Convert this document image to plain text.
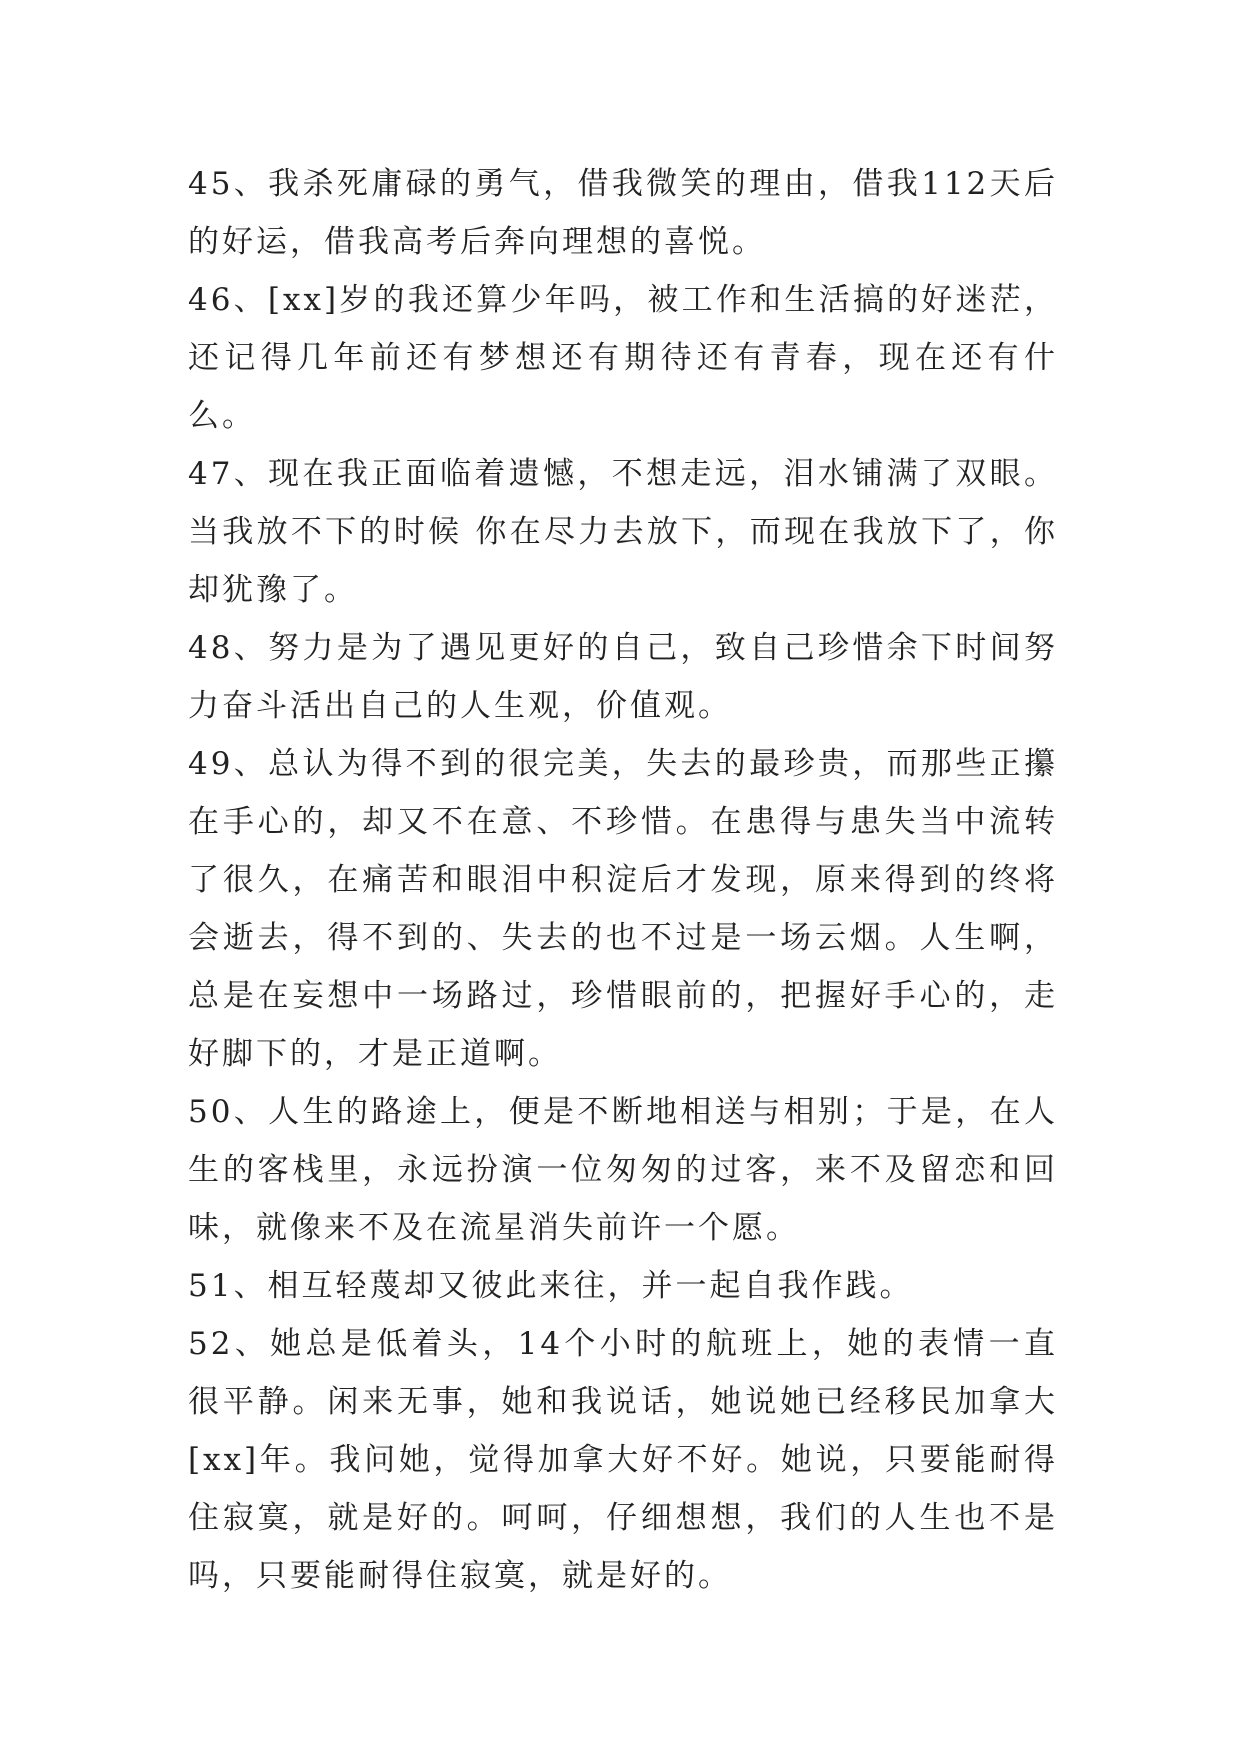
45、我杀死庸碌的勇气，借我微笑的理由，借我112天后的好运，借我高考后奔向理想的喜悦。

46、[xx]岁的我还算少年吗，被工作和生活搞的好迷茫，还记得几年前还有梦想还有期待还有青春，现在还有什么。

47、现在我正面临着遗憾，不想走远，泪水铺满了双眼。当我放不下的时候 你在尽力去放下，而现在我放下了，你却犹豫了。

48、努力是为了遇见更好的自己，致自己珍惜余下时间努力奋斗活出自己的人生观，价值观。

49、总认为得不到的很完美，失去的最珍贵，而那些正攥在手心的，却又不在意、不珍惜。在患得与患失当中流转了很久，在痛苦和眼泪中积淀后才发现，原来得到的终将会逝去，得不到的、失去的也不过是一场云烟。人生啊，总是在妄想中一场路过，珍惜眼前的，把握好手心的，走好脚下的，才是正道啊。

50、人生的路途上，便是不断地相送与相别；于是，在人生的客栈里，永远扮演一位匆匆的过客，来不及留恋和回味，就像来不及在流星消失前许一个愿。

51、相互轻蔑却又彼此来往，并一起自我作践。

52、她总是低着头，14个小时的航班上，她的表情一直很平静。闲来无事，她和我说话，她说她已经移民加拿大[xx]年。我问她，觉得加拿大好不好。她说，只要能耐得住寂寞，就是好的。呵呵，仔细想想，我们的人生也不是吗，只要能耐得住寂寞，就是好的。
